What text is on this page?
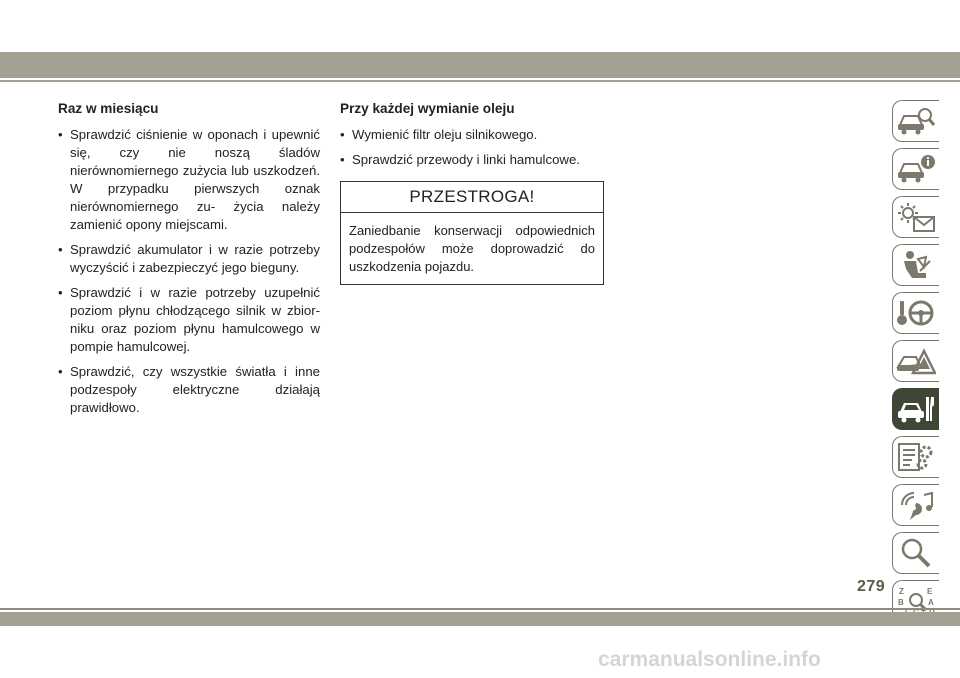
Raz w miesiącu
• Sprawdzić ciśnienie w oponach i upewnić się, czy nie noszą śladów nierównomiernego zużycia lub uszkodzeń. W przypadku pierwszych oznak nierównomiernego zu- życia należy zamienić opony miejscami.
• Sprawdzić akumulator i w razie potrzeby wyczyścić i zabezpieczyć jego bieguny.
• Sprawdzić i w razie potrzeby uzupełnić poziom płynu chłodzącego silnik w zbior- niku oraz poziom płynu hamulcowego w pompie hamulcowej.
• Sprawdzić, czy wszystkie światła i inne podzespoły elektryczne działają prawidłowo.
Przy każdej wymianie oleju
• Wymienić filtr oleju silnikowego.
• Sprawdzić przewody i linki hamulcowe.
PRZESTROGA!
Zaniedbanie konserwacji odpowiednich podzespołów może doprowadzić do uszkodzenia pojazdu.
Z	E
B	A
279
carmanualsonline.info
